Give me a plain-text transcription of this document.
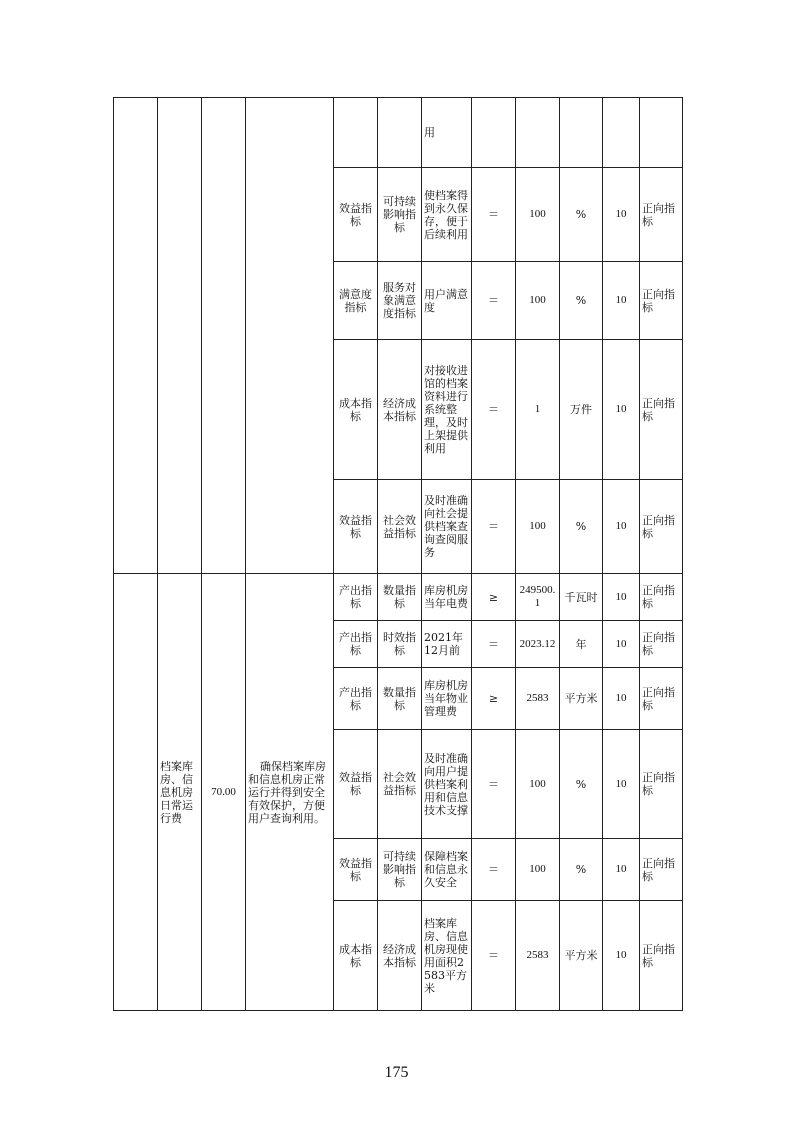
						用					
				效益指标	可持续影响指标	使档案得到永久保存，便于后续利用	＝	100	%	10	正向指标
				满意度指标	服务对象满意度指标	用户满意度	＝	100	%	10	正向指标
				成本指标	经济成本指标	对接收进馆的档案资料进行系统整理，及时上架提供利用	＝	1	万件	10	正向指标
				效益指标	社会效益指标	及时准确向社会提供档案查询查阅服务	＝	100	%	10	正向指标
	档案库房、信息机房日常运行费	70.00	确保档案库房和信息机房正常运行并得到安全有效保护，方便用户查询利用。	产出指标	数量指标	库房机房当年电费	≥	249500.1	千瓦时	10	正向指标
				产出指标	时效指标	2021年12月前	＝	2023.12	年	10	正向指标
				产出指标	数量指标	库房机房当年物业管理费	≥	2583	平方米	10	正向指标
				效益指标	社会效益指标	及时准确向用户提供档案利用和信息技术支撑	＝	100	%	10	正向指标
				效益指标	可持续影响指标	保障档案和信息永久安全	＝	100	%	10	正向指标
				成本指标	经济成本指标	档案库房、信息机房现使用面积2583平方米	＝	2583	平方米	10	正向指标
175
